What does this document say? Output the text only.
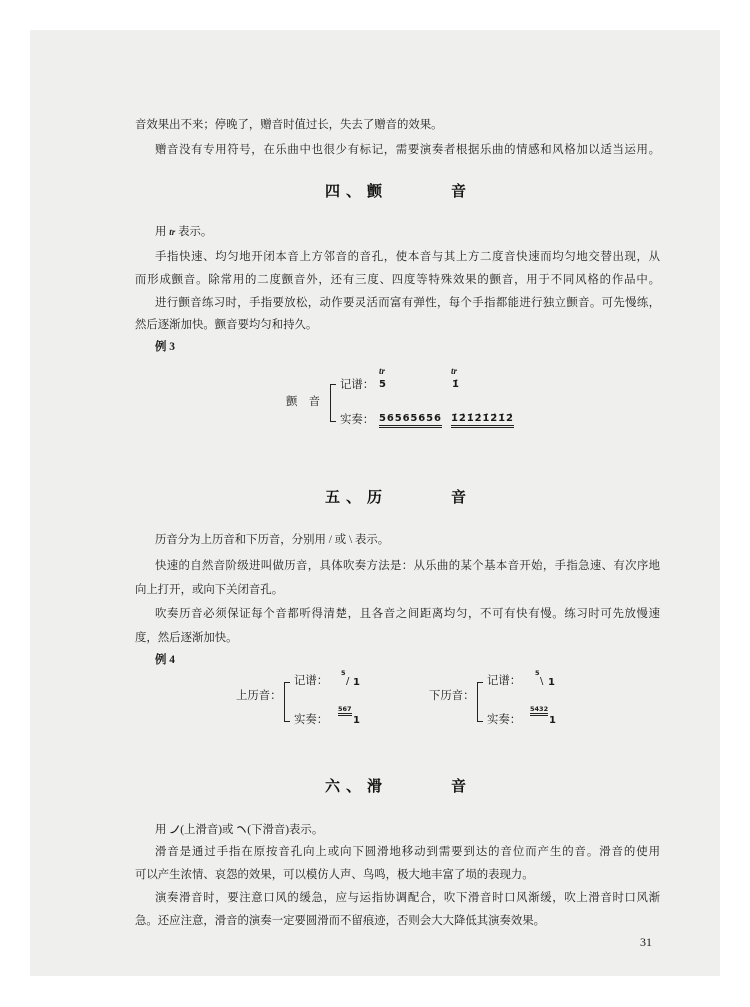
音效果出不来；停晚了，赠音时值过长，失去了赠音的效果。
赠音没有专用符号，在乐曲中也很少有标记，需要演奏者根据乐曲的情感和风格加以适当运用。
四、颤　　　音
用 tr 表示。
手指快速、均匀地开闭本音上方邻音的音孔，使本音与其上方二度音快速而均匀地交替出现，从
而形成颤音。除常用的二度颤音外，还有三度、四度等特殊效果的颤音，用于不同风格的作品中。
进行颤音练习时，手指要放松，动作要灵活而富有弹性，每个手指都能进行独立颤音。可先慢练，
然后逐渐加快。颤音要均匀和持久。
例 3
颤　音
记谱：
tr
5
tr
1̇
实奏： 56565656 1̇2̇1̇2̇1̇2̇1̇2̇
五、历　　　音
历音分为上历音和下历音，分别用 / 或 \ 表示。
快速的自然音阶级进叫做历音，具体吹奏方法是：从乐曲的某个基本音开始，手指急速、有次序地
向上打开，或向下关闭音孔。
吹奏历音必须保证每个音都听得清楚，且各音之间距离均匀，不可有快有慢。练习时可先放慢速
度，然后逐渐加快。
例 4
上历音：
记谱：
5
/ 1
实奏：
567
1
下历音：
记谱：
5
\ 1
实奏：
5432
1
六、滑　　　音
用 (上滑音)或 (下滑音)表示。
滑音是通过手指在原按音孔向上或向下圆滑地移动到需要到达的音位而产生的音。滑音的使用
可以产生浓情、哀怨的效果，可以模仿人声、鸟鸣，极大地丰富了埙的表现力。
演奏滑音时，要注意口风的缓急，应与运指协调配合，吹下滑音时口风渐缓，吹上滑音时口风渐
急。还应注意，滑音的演奏一定要圆滑而不留痕迹，否则会大大降低其演奏效果。
31
